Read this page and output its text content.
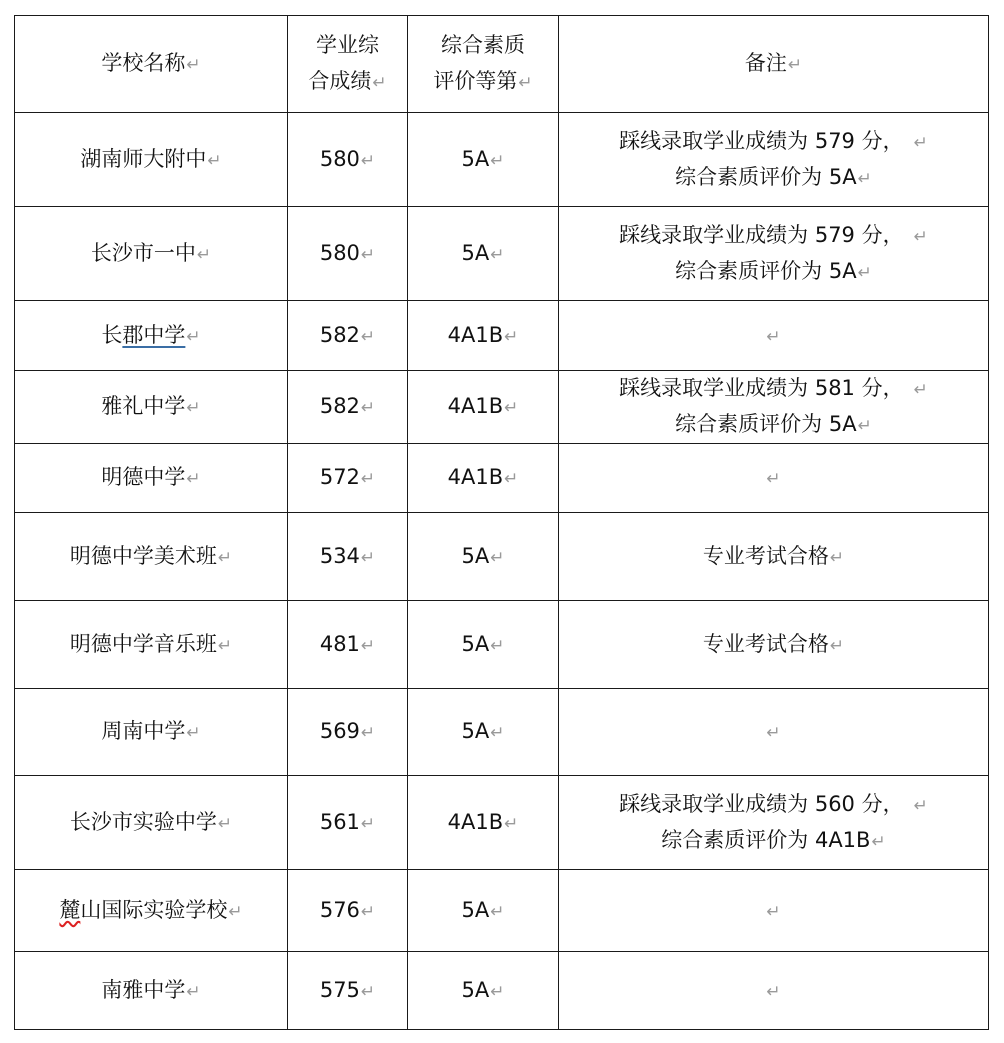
学校名称↵	学业综
合成绩↵	综合素质
评价等第↵	备注↵
湖南师大附中↵	580↵	5A↵	踩线录取学业成绩为 579 分， ↵
综合素质评价为 5A↵
长沙市一中↵	580↵	5A↵	踩线录取学业成绩为 579 分， ↵
综合素质评价为 5A↵
长郡中学↵	582↵	4A1B↵	↵
雅礼中学↵	582↵	4A1B↵	踩线录取学业成绩为 581 分， ↵
综合素质评价为 5A↵
明德中学↵	572↵	4A1B↵	↵
明德中学美术班↵	534↵	5A↵	专业考试合格↵
明德中学音乐班↵	481↵	5A↵	专业考试合格↵
周南中学↵	569↵	5A↵	↵
长沙市实验中学↵	561↵	4A1B↵	踩线录取学业成绩为 560 分， ↵
综合素质评价为 4A1B↵
麓山国际实验学校↵	576↵	5A↵	↵
南雅中学↵	575↵	5A↵	↵
